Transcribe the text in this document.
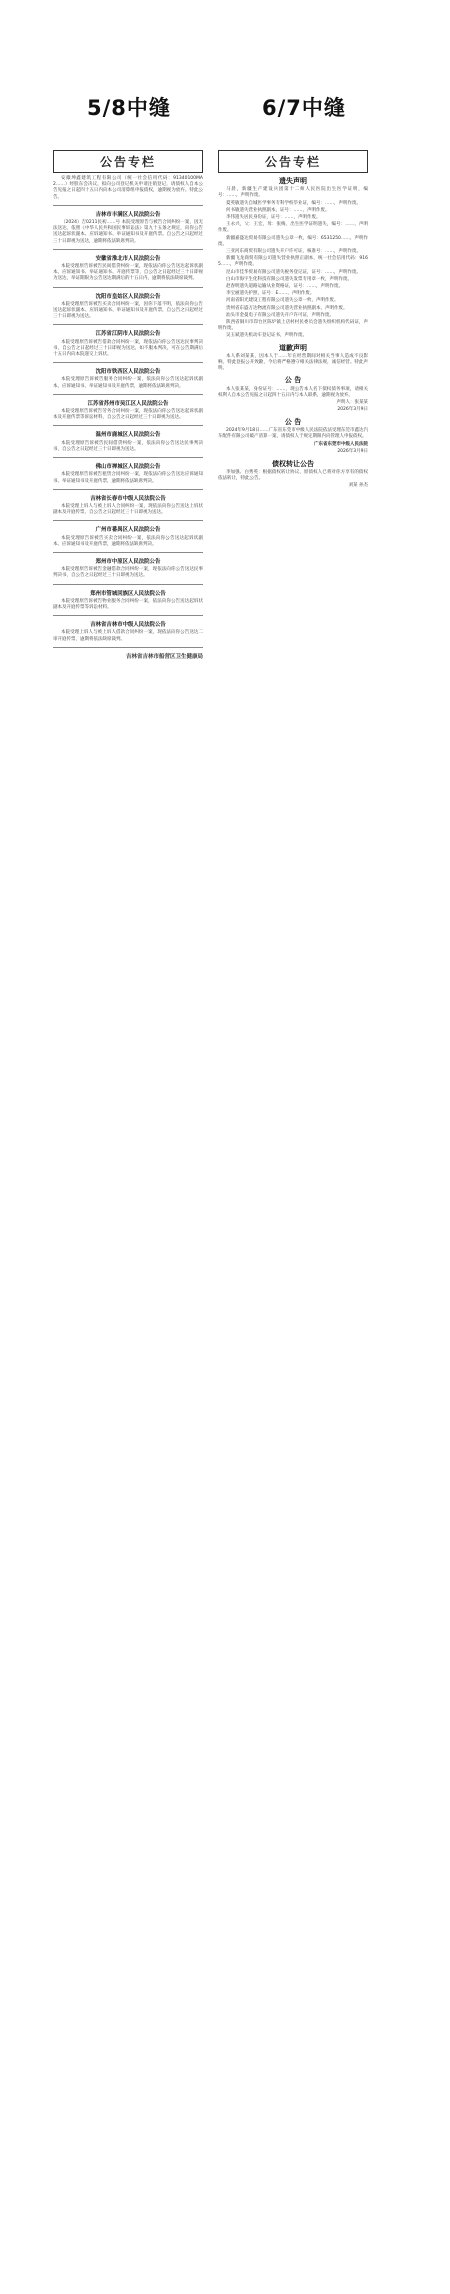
5/8中缝	6/7中缝
公告专栏
安徽坤鑫建筑工程有限公司（统一社会信用代码：91340100MA2……）经股东会决议，拟向公司登记机关申请注销登记，请债权人自本公告见报之日起四十五日内向本公司清算组申报债权，逾期视为放弃。特此公告。
吉林市丰满区人民法院公告
（2024）吉0211民初……号 本院受理原告与被告合同纠纷一案，因无法送达，依照《中华人民共和国民事诉讼法》第九十五条之规定，向你公告送达起诉状副本、应诉通知书、举证通知书及开庭传票。自公告之日起经过三十日即视为送达，逾期将依法缺席判决。
安徽省淮北市人民法院公告
本院受理原告诉被告民间借贷纠纷一案，现依法向你公告送达起诉状副本、应诉通知书、举证通知书、开庭传票等，自公告之日起经过三十日即视为送达，举证期限为公告送达期满后的十五日内，逾期将依法缺席裁判。
沈阳市皇姑区人民法院公告
本院受理原告诉被告买卖合同纠纷一案，因你下落不明，依法向你公告送达起诉状副本、应诉通知书、举证通知书及开庭传票，自公告之日起经过三十日即视为送达。
江苏省江阴市人民法院公告
本院受理原告诉被告借款合同纠纷一案，现依法向你公告送达民事判决书，自公告之日起经过三十日即视为送达，如不服本判决，可在公告期满后十五日内向本院递交上诉状。
沈阳市铁西区人民法院公告
本院受理原告诉被告服务合同纠纷一案，依法向你公告送达起诉状副本、应诉通知书、举证通知书及开庭传票，逾期将依法缺席判决。
江苏省苏州市吴江区人民法院公告
本院受理原告诉被告劳务合同纠纷一案，现依法向你公告送达起诉状副本及开庭传票等诉讼材料，自公告之日起经过三十日即视为送达。
温州市鹿城区人民法院公告
本院受理原告诉被告民间借贷纠纷一案，依法向你公告送达民事判决书，自公告之日起经过三十日即视为送达。
佛山市禅城区人民法院公告
本院受理原告诉被告租赁合同纠纷一案，现依法向你公告送达应诉通知书、举证通知书及开庭传票，逾期将依法缺席判决。
吉林省长春市中级人民法院公告
本院受理上诉人与被上诉人合同纠纷一案，现依法向你公告送达上诉状副本及开庭传票，自公告之日起经过三十日即视为送达。
广州市番禺区人民法院公告
本院受理原告诉被告买卖合同纠纷一案，依法向你公告送达起诉状副本、应诉通知书及开庭传票，逾期将依法缺席判决。
郑州市中原区人民法院公告
本院受理原告诉被告金融借款合同纠纷一案，现依法向你公告送达民事判决书，自公告之日起经过三十日即视为送达。
郑州市管城回族区人民法院公告
本院受理原告诉被告物业服务合同纠纷一案，依法向你公告送达起诉状副本及开庭传票等诉讼材料。
吉林省吉林市中级人民法院公告
本院受理上诉人与被上诉人借款合同纠纷一案，现依法向你公告送达二审开庭传票，逾期将依法缺席裁判。
吉林省吉林市船营区卫生健康局
公告专栏
遗失声明
马晨，新疆生产建设兵团第十二师人民医院出生医学证明，编号：……，声明作废。
夏英敏遗失自城医学事务专科学校毕业证，编号：……，声明作废。
何书敏遗失营业执照副本，证号：……，声明作废。
李伟遗失居民身份证，证号：……，声明作废。
王永兴，父：王宏，母：张梅，出生医学证明遗失，编号：……，声明作废。
新疆嘉盛达贸易有限公司遗失公章一枚，编号：6531250……，声明作废。
三亚河东商贸有限公司遗失开户许可证，核准号：……，声明作废。
新疆飞龙商贸有限公司遗失营业执照正副本，统一社会信用代码：9165……，声明作废。
昆山市佳华贸易有限公司遗失税务登记证，证号：……，声明作废。
白山市海宇生化科技有限公司遗失发票专用章一枚，声明作废。
赵春明遗失道路运输从业资格证，证号：……，声明作废。
李宝丽遗失护照，证号：E……，声明作废。
河南省阳光建设工程有限公司遗失公章一枚，声明作废。
贵州省东盛万达物流有限公司遗失营业执照副本，声明作废。
汕头市金曼电子有限公司遗失开户许可证，声明作废。
陕西省铜川市印台区陈炉镇上店村村民委员会遗失组织机构代码证，声明作废。
吴玉斌遗失机动车登记证书，声明作废。
道歉声明
本人系刘某某，因本人于……年在经营期间对相关当事人造成不良影响，特此登报公开致歉，今后将严格遵守相关法律法规，诚信经营。特此声明。
公 告
本人张某某，身份证号：……，现公告本人名下债权债务事项，请相关权利人自本公告见报之日起四十五日内与本人联系，逾期视为放弃。
声明人：张某某
2026年3月9日
公 告
2024年9月18日……广东省东莞市中级人民法院依法受理东莞市鑫达汽车配件有限公司破产清算一案，请债权人于规定期限内向管理人申报债权。
广东省东莞市中级人民法院
2026年3月9日
债权转让公告
李加强、白秀英：根据债权转让协议，原债权人已将对你方享有的债权依法转让，特此公告。
刘某 孙杰
